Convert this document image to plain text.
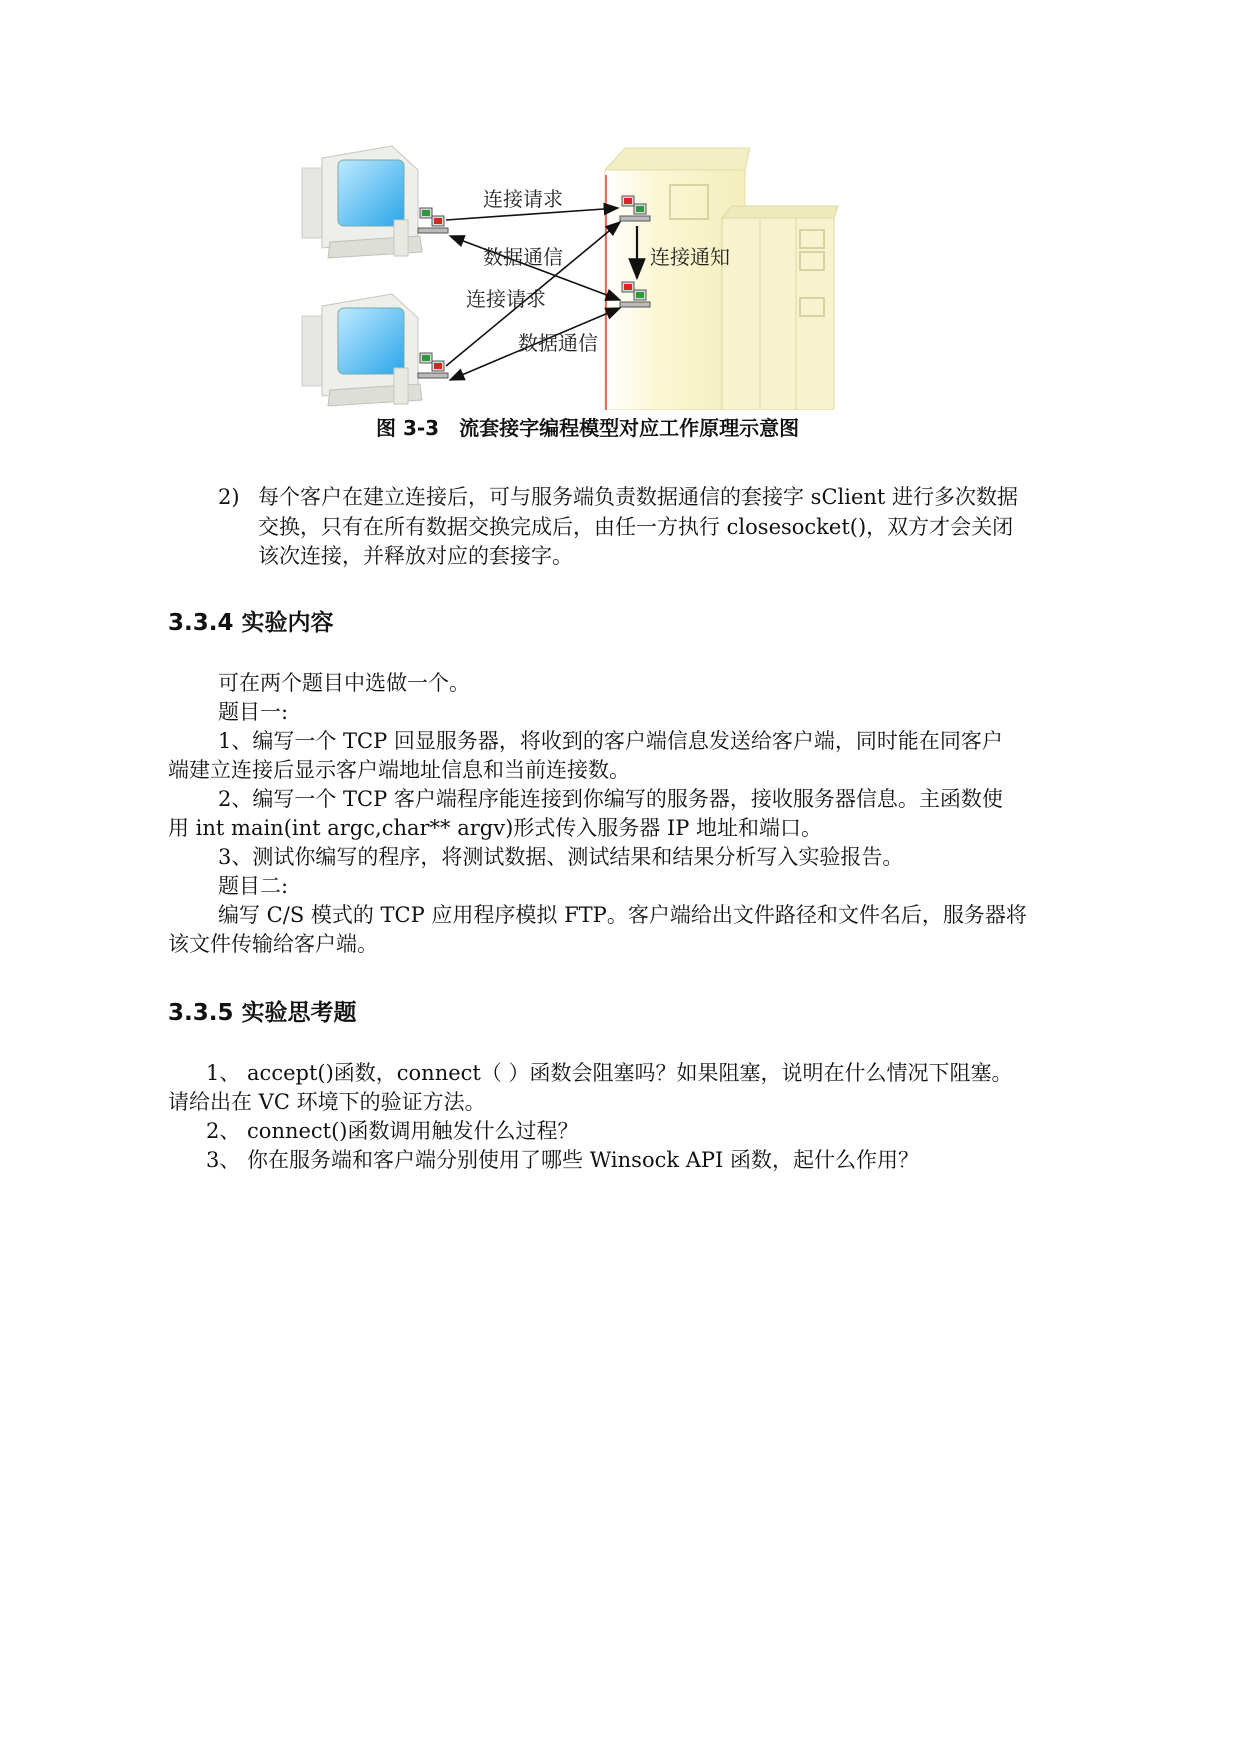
连接请求
数据通信	连接通知
连接请求
数据通信
图 3-3　流套接字编程模型对应工作原理示意图
2) 每个客户在建立连接后，可与服务端负责数据通信的套接字 sClient 进行多次数据
交换，只有在所有数据交换完成后，由任一方执行 closesocket()，双方才会关闭
该次连接，并释放对应的套接字。
3.3.4 实验内容
可在两个题目中选做一个。
题目一:
1、编写一个 TCP 回显服务器，将收到的客户端信息发送给客户端，同时能在同客户
端建立连接后显示客户端地址信息和当前连接数。
2、编写一个 TCP 客户端程序能连接到你编写的服务器，接收服务器信息。主函数使
用 int main(int argc,char** argv)形式传入服务器 IP 地址和端口。
3、测试你编写的程序，将测试数据、测试结果和结果分析写入实验报告。
题目二:
编写 C/S 模式的 TCP 应用程序模拟 FTP。客户端给出文件路径和文件名后，服务器将
该文件传输给客户端。
3.3.5 实验思考题
1、 accept()函数，connect（ ）函数会阻塞吗？如果阻塞，说明在什么情况下阻塞。
请给出在 VC 环境下的验证方法。
2、 connect()函数调用触发什么过程？
3、 你在服务端和客户端分别使用了哪些 Winsock API 函数，起什么作用？
